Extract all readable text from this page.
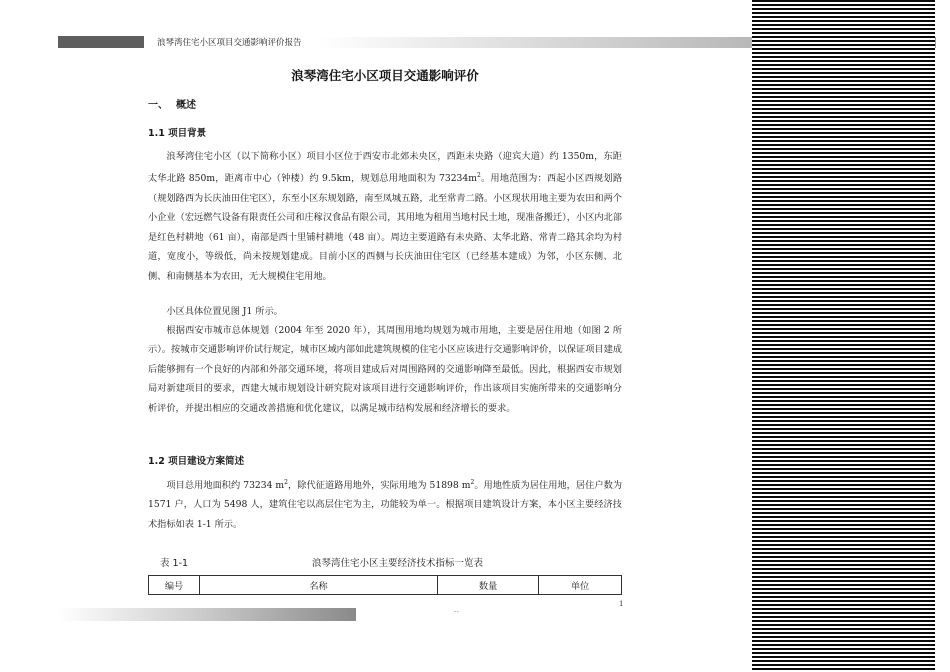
浪琴湾住宅小区项目交通影响评价报告
浪琴湾住宅小区项目交通影响评价
一、 概述
1.1 项目背景

浪琴湾住宅小区（以下简称小区）项目小区位于西安市北郊未央区，西距未央路（迎宾大道）约 1350m，东距太华北路 850m，距离市中心（钟楼）约 9.5km，规划总用地面积为 $73234m^2$。用地范围为：西起小区西规划路（规划路西为长庆油田住宅区），东至小区东规划路，南至凤城五路，北至常青二路。小区现状用地主要为农田和两个小企业（宏远燃气设备有限责任公司和庄稼汉食品有限公司，其用地为租用当地村民土地，现准备搬迁），小区内北部是红色村耕地（61 亩），南部是西十里铺村耕地（48 亩）。周边主要道路有未央路、太华北路、常青二路其余均为村道，宽度小，等级低，尚未按规划建成。目前小区的西侧与长庆油田住宅区（已经基本建成）为邻，小区东侧、北侧、和南侧基本为农田，无大规模住宅用地。

小区具体位置见图 J1 所示。

根据西安市城市总体规划（2004 年至 2020 年），其周围用地均规划为城市用地，主要是居住用地（如图 2 所示）。按城市交通影响评价试行规定，城市区域内部如此建筑规模的住宅小区应该进行交通影响评价，以保证项目建成后能够拥有一个良好的内部和外部交通环境，将项目建成后对周围路网的交通影响降至最低。因此，根据西安市规划局对新建项目的要求，西建大城市规划设计研究院对该项目进行交通影响评价，作出该项目实施所带来的交通影响分析评价，并提出相应的交通改善措施和优化建议，以满足城市结构发展和经济增长的要求。

1.2 项目建设方案简述

项目总用地面积约 73234 $m^2$，除代征道路用地外，实际用地为 51898 $m^2$。用地性质为居住用地，居住户数为 1571 户，人口为 5498 人，建筑住宅以高层住宅为主，功能较为单一。根据项目建筑设计方案，本小区主要经济技术指标如表 1-1 所示。

表 1-1	浪琴湾住宅小区主要经济技术指标一览表
编号	名称	数量	单位
1
--
